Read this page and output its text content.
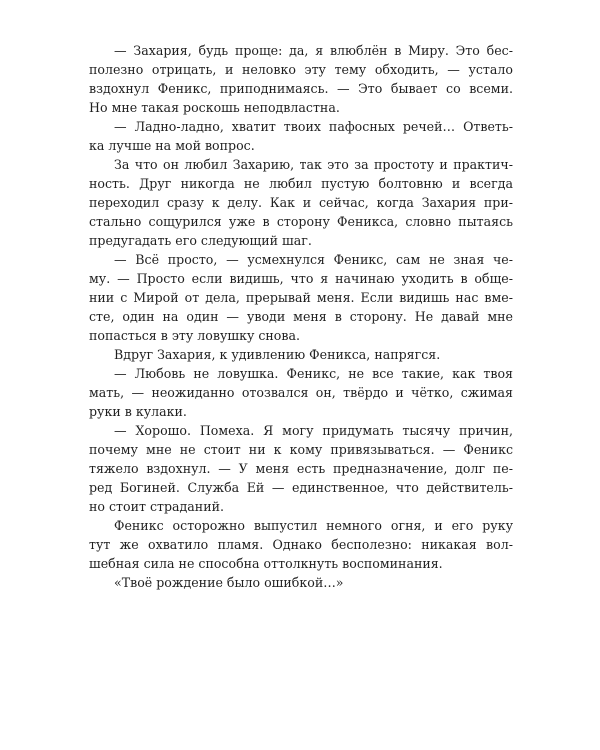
— Захария, будь проще: да, я влюблён в Миру. Это бес-
полезно отрицать, и неловко эту тему обходить, — устало
вздохнул Феникс, приподнимаясь. — Это бывает со всеми.
Но мне такая роскошь неподвластна.
— Ладно-ладно, хватит твоих пафосных речей… Ответь-
ка лучше на мой вопрос.
За что он любил Захарию, так это за простоту и практич-
ность. Друг никогда не любил пустую болтовню и всегда
переходил сразу к делу. Как и сейчас, когда Захария при-
стально сощурился уже в сторону Феникса, словно пытаясь
предугадать его следующий шаг.
— Всё просто, — усмехнулся Феникс, сам не зная че-
му. — Просто если видишь, что я начинаю уходить в обще-
нии с Мирой от дела, прерывай меня. Если видишь нас вме-
сте, один на один — уводи меня в сторону. Не давай мне
попасться в эту ловушку снова.
Вдруг Захария, к удивлению Феникса, напрягся.
— Любовь не ловушка. Феникс, не все такие, как твоя
мать, — неожиданно отозвался он, твёрдо и чётко, сжимая
руки в кулаки.
— Хорошо. Помеха. Я могу придумать тысячу причин,
почему мне не стоит ни к кому привязываться. — Феникс
тяжело вздохнул. — У меня есть предназначение, долг пе-
ред Богиней. Служба Ей — единственное, что действитель-
но стоит страданий.
Феникс осторожно выпустил немного огня, и его руку
тут же охватило пламя. Однако бесполезно: никакая вол-
шебная сила не способна оттолкнуть воспоминания.
«Твоё рождение было ошибкой…»
